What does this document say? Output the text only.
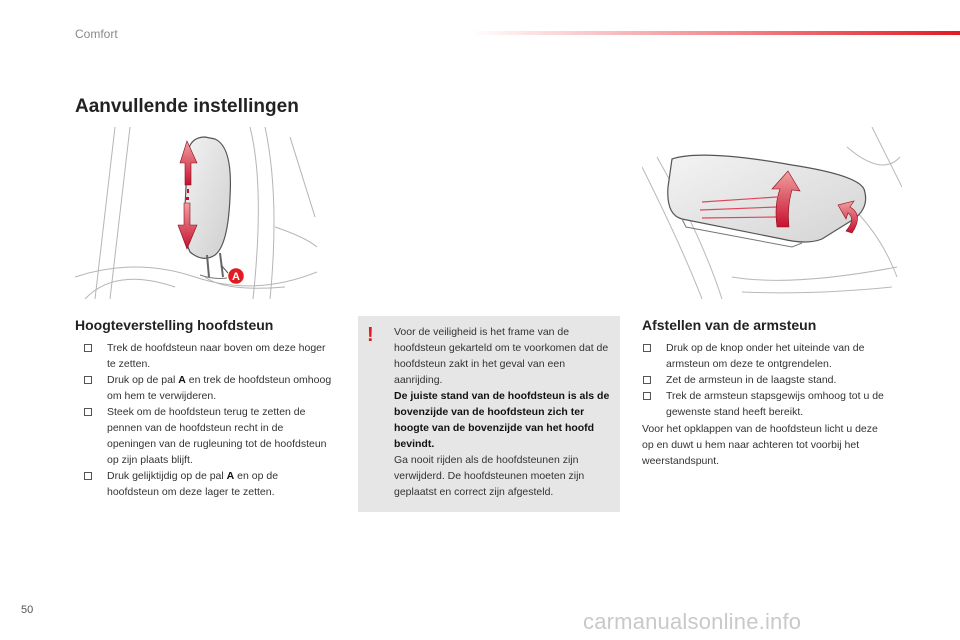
Comfort
Aanvullende instellingen
A
Hoogteverstelling hoofdsteun
Trek de hoofdsteun naar boven om deze hoger te zetten.
Druk op de pal A en trek de hoofdsteun omhoog om hem te verwijderen.
Steek om de hoofdsteun terug te zetten de pennen van de hoofdsteun recht in de openingen van de rugleuning tot de hoofdsteun op zijn plaats blijft.
Druk gelijktijdig op de pal A en op de hoofdsteun om deze lager te zetten.
! Voor de veiligheid is het frame van de hoofdsteun gekarteld om te voorkomen dat de hoofdsteun zakt in het geval van een aanrijding.

De juiste stand van de hoofdsteun is als de bovenzijde van de hoofdsteun zich ter hoogte van de bovenzijde van het hoofd bevindt.

Ga nooit rijden als de hoofdsteunen zijn verwijderd. De hoofdsteunen moeten zijn geplaatst en correct zijn afgesteld.

Afstellen van de armsteun
Druk op de knop onder het uiteinde van de armsteun om deze te ontgrendelen.
Zet de armsteun in de laagste stand.
Trek de armsteun stapsgewijs omhoog tot u de gewenste stand heeft bereikt.

Voor het opklappen van de hoofdsteun licht u deze op en duwt u hem naar achteren tot voorbij het weerstandspunt.

50	carmanualsonline.info
